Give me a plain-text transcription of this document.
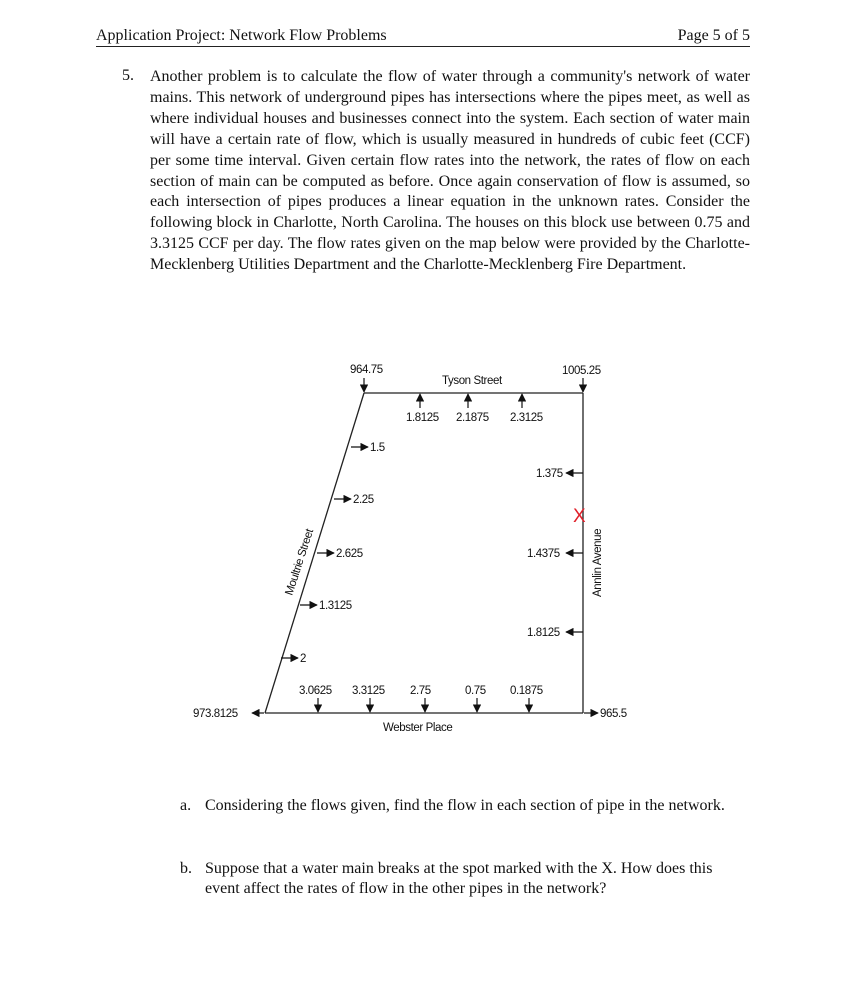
Application Project: Network Flow Problems	Page 5 of 5
5. Another problem is to calculate the flow of water through a community's network of water mains. This network of underground pipes has intersections where the pipes meet, as well as where individual houses and businesses connect into the system. Each section of water main will have a certain rate of flow, which is usually measured in hundreds of cubic feet (CCF) per some time interval. Given certain flow rates into the network, the rates of flow on each section of main can be computed as before. Once again conservation of flow is assumed, so each intersection of pipes produces a linear equation in the unknown rates. Consider the following block in Charlotte, North Carolina. The houses on this block use between 0.75 and 3.3125 CCF per day. The flow rates given on the map below were provided by the Charlotte-Mecklenberg Utilities Department and the Charlotte-Mecklenberg Fire Department.
964.75	1005.25
973.8125	965.5
Tyson Street
Webster Place
Moultrie Street	Annlin Avenue
1.8125 2.1875 2.3125
1.5
2.25
2.625
1.3125
2
1.375
1.4375
1.8125
X
3.0625 3.3125 2.75	0.75 0.1875
a. Considering the flows given, find the flow in each section of pipe in the network.
b. Suppose that a water main breaks at the spot marked with the X. How does this event affect the rates of flow in the other pipes in the network?
